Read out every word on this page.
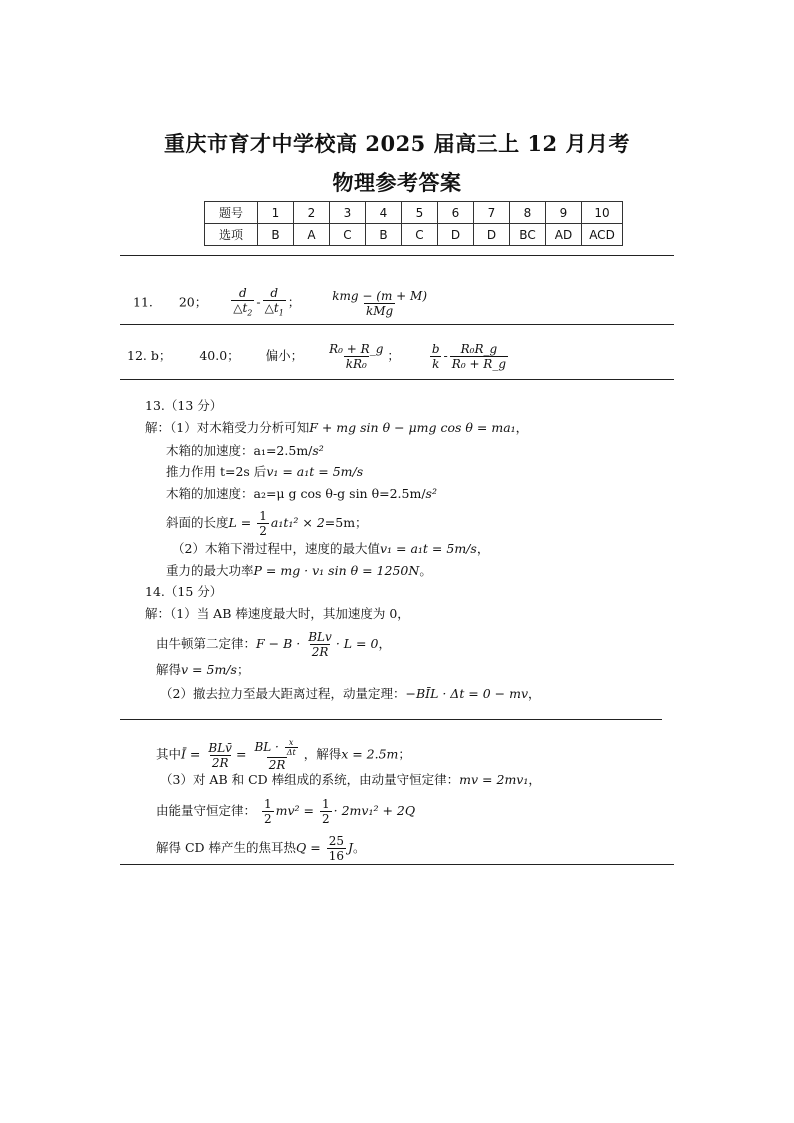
重庆市育才中学校高 2025 届高三上 12 月月考
物理参考答案
题号	1	2	3	4	5	6	7	8	9	10
选项	B	A	C	B	C	D	D	BC	AD	ACD
11. 20； $\frac{d}{\triangle t_2} - \frac{d}{\triangle t_1}$ ； $\frac{\text{kmg − (m + M)}}{\text{kMg}}$
12. b； 40.0； 偏小； $\frac{\text{R₀ + R\_g}}{\text{kR₀}}$ ； $\frac{b}{k} - \frac{\text{R₀R\_g}}{\text{R₀ + R\_g}}$
13.（13 分）
解：（1）对木箱受力分析可知F + mg sin θ − μmg cos θ = ma₁，
木箱的加速度：a₁=2.5m/s²
推力作用 t=2s 后v₁ = a₁t = 5m/s
木箱的加速度：a₂=μ g cos θ-g sin θ=2.5m/s²
斜面的长度$L = \frac{1}{2} a_1t_1^2 \times 2=5m$；
（2）木箱下滑过程中，速度的最大值v₁ = a₁t = 5m/s，
重力的最大功率P = mg · v₁ sin θ = 1250N。
14.（15 分）
解：（1）当 AB 棒速度最大时，其加速度为 0，
由牛顿第二定律：$F - B \cdot \frac{\text{BLv}}{2R} \cdot L = 0$，
解得v = 5m/s；
（2）撤去拉力至最大距离过程，动量定理：−BĪL · Δt = 0 − mv，
其中Ī = $\frac{\text{BLv̄}}{2R} = \frac{BL \cdot \frac{x}{\Delta t}}{2R}$ ，解得x = 2.5m；
（3）对 AB 和 CD 棒组成的系统，由动量守恒定律：mv = 2mv₁，
由能量守恒定律： $\frac{1}{2} mv^2 = \frac{1}{2} \cdot 2mv_1^2 + 2Q$
解得 CD 棒产生的焦耳热$Q = \frac{25}{16}$ J。
